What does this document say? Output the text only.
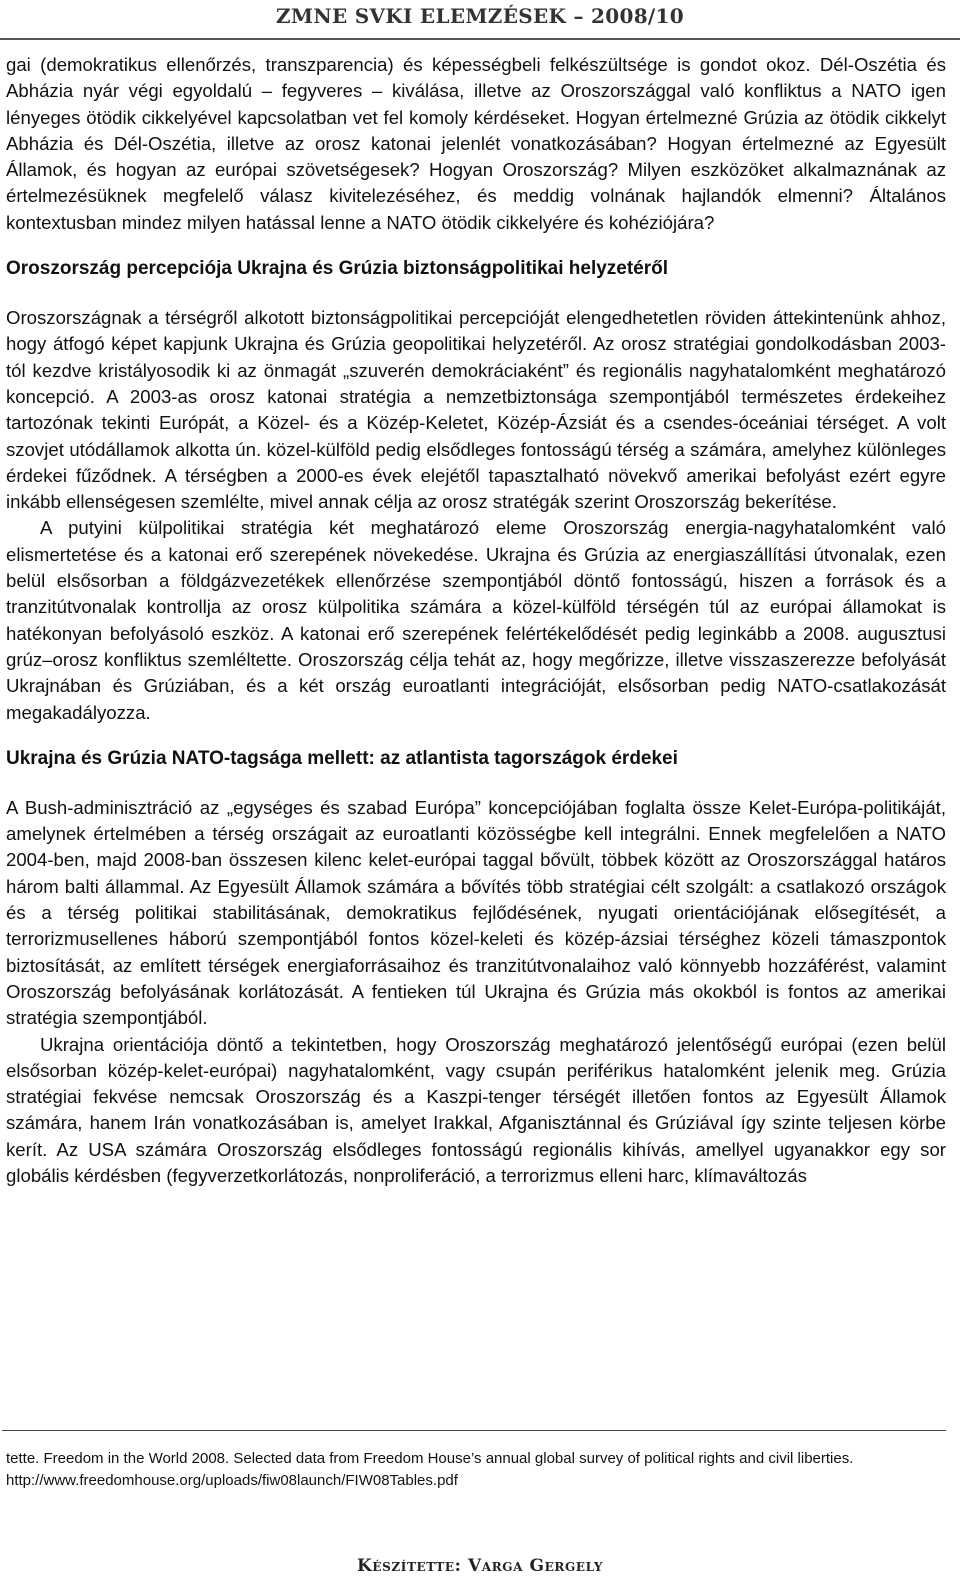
ZMNE SVKI ELEMZÉSEK – 2008/10

gai (demokratikus ellenőrzés, transzparencia) és képességbeli felkészültsége is gondot okoz. Dél-Oszétia és Abházia nyár végi egyoldalú – fegyveres – kiválása, illetve az Oroszországgal való konfliktus a NATO igen lényeges ötödik cikkelyével kapcsolatban vet fel komoly kérdéseket. Hogyan értelmezné Grúzia az ötödik cikkelyt Abházia és Dél-Oszétia, illetve az orosz katonai jelenlét vonatkozásában? Hogyan értelmezné az Egyesült Államok, és hogyan az európai szövetségesek? Hogyan Oroszország? Milyen eszközöket alkalmaznának az értelmezésüknek megfelelő válasz kivitelezéséhez, és meddig volnának hajlandók elmenni? Általános kontextusban mindez milyen hatással lenne a NATO ötödik cikkelyére és kohéziójára?

Oroszország percepciója Ukrajna és Grúzia biztonságpolitikai helyzetéről

Oroszországnak a térségről alkotott biztonságpolitikai percepcióját elengedhetetlen röviden áttekintenünk ahhoz, hogy átfogó képet kapjunk Ukrajna és Grúzia geopolitikai helyzetéről. Az orosz stratégiai gondolkodásban 2003-tól kezdve kristályosodik ki az önmagát „szuverén demokráciaként” és regionális nagyhatalomként meghatározó koncepció. A 2003-as orosz katonai stratégia a nemzetbiztonsága szempontjából természetes érdekeihez tartozónak tekinti Európát, a Közel- és a Közép-Keletet, Közép-Ázsiát és a csendes-óceániai térséget. A volt szovjet utódállamok alkotta ún. közel-külföld pedig elsődleges fontosságú térség a számára, amelyhez különleges érdekei fűződnek. A térségben a 2000-es évek elejétől tapasztalható növekvő amerikai befolyást ezért egyre inkább ellenségesen szemlélte, mivel annak célja az orosz stratégák szerint Oroszország bekerítése.

A putyini külpolitikai stratégia két meghatározó eleme Oroszország energia-nagyhatalomként való elismertetése és a katonai erő szerepének növekedése. Ukrajna és Grúzia az energiaszállítási útvonalak, ezen belül elsősorban a földgázvezetékek ellenőrzése szempontjából döntő fontosságú, hiszen a források és a tranzitútvonalak kontrollja az orosz külpolitika számára a közel-külföld térségén túl az európai államokat is hatékonyan befolyásoló eszköz. A katonai erő szerepének felértékelődését pedig leginkább a 2008. augusztusi grúz–orosz konfliktus szemléltette. Oroszország célja tehát az, hogy megőrizze, illetve visszaszerezze befolyását Ukrajnában és Grúziában, és a két ország euroatlanti integrációját, elsősorban pedig NATO-csatlakozását megakadályozza.

Ukrajna és Grúzia NATO-tagsága mellett: az atlantista tagországok érdekei

A Bush-adminisztráció az „egységes és szabad Európa” koncepciójában foglalta össze Kelet-Európa-politikáját, amelynek értelmében a térség országait az euroatlanti közösségbe kell integrálni. Ennek megfelelően a NATO 2004-ben, majd 2008-ban összesen kilenc kelet-európai taggal bővült, többek között az Oroszországgal határos három balti állammal. Az Egyesült Államok számára a bővítés több stratégiai célt szolgált: a csatlakozó országok és a térség politikai stabilitásának, demokratikus fejlődésének, nyugati orientációjának elősegítését, a terrorizmusellenes háború szempontjából fontos közel-keleti és közép-ázsiai térséghez közeli támaszpontok biztosítását, az említett térségek energiaforrásaihoz és tranzitútvonalaihoz való könnyebb hozzáférést, valamint Oroszország befolyásának korlátozását. A fentieken túl Ukrajna és Grúzia más okokból is fontos az amerikai stratégia szempontjából.

Ukrajna orientációja döntő a tekintetben, hogy Oroszország meghatározó jelentőségű európai (ezen belül elsősorban közép-kelet-európai) nagyhatalomként, vagy csupán periférikus hatalomként jelenik meg. Grúzia stratégiai fekvése nemcsak Oroszország és a Kaszpi-tenger térségét illetően fontos az Egyesült Államok számára, hanem Irán vonatkozásában is, amelyet Irakkal, Afganisztánnal és Grúziával így szinte teljesen körbe kerít. Az USA számára Oroszország elsődleges fontosságú regionális kihívás, amellyel ugyanakkor egy sor globális kérdésben (fegyverzetkorlátozás, nonproliferáció, a terrorizmus elleni harc, klímaváltozás

tette. Freedom in the World 2008. Selected data from Freedom House’s annual global survey of political rights and civil liberties. http://www.freedomhouse.org/uploads/fiw08launch/FIW08Tables.pdf
Készítette: Varga Gergely
